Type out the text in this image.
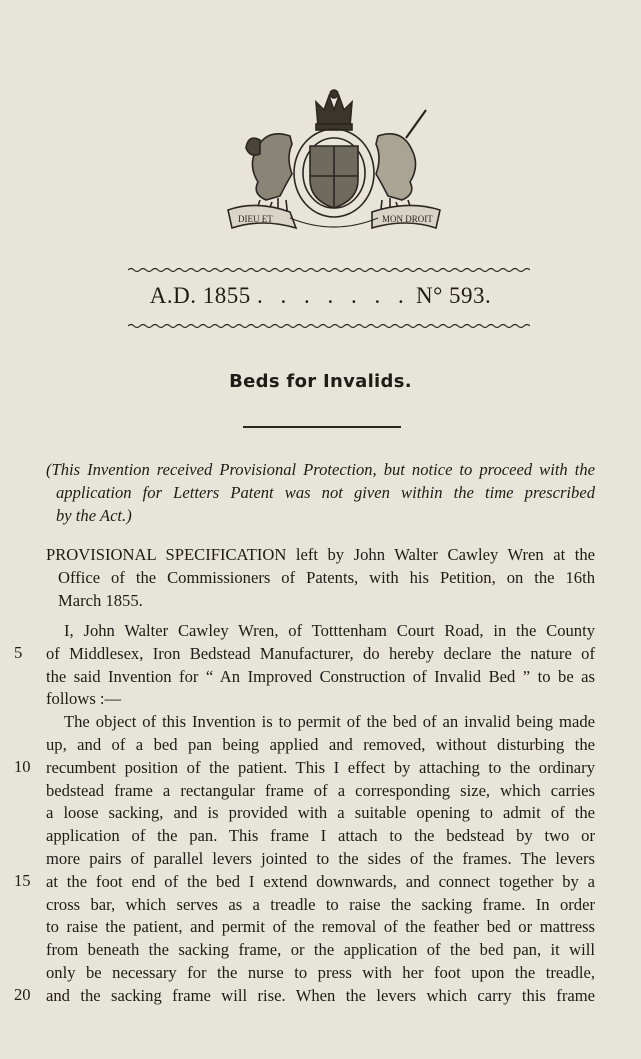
DIEU ET	MON DROIT
A.D. 1855 . . . . . . . N° 593.
Beds for Invalids.
(This Invention received Provisional Protection, but notice to proceed with the
application for Letters Patent was not given within the time prescribed
by the Act.)
PROVISIONAL SPECIFICATION left by John Walter Cawley Wren at the
Office of the Commissioners of Patents, with his Petition, on the 16th
March 1855.
I, John Walter Cawley Wren, of Totttenham Court Road, in the County
of Middlesex, Iron Bedstead Manufacturer, do hereby declare the nature of
the said Invention for “ An Improved Construction of Invalid Bed ” to be as
follows :—
The object of this Invention is to permit of the bed of an invalid being made
up, and of a bed pan being applied and removed, without disturbing the
recumbent position of the patient. This I effect by attaching to the ordinary
bedstead frame a rectangular frame of a corresponding size, which carries
a loose sacking, and is provided with a suitable opening to admit of the
application of the pan. This frame I attach to the bedstead by two or
more pairs of parallel levers jointed to the sides of the frames. The levers
at the foot end of the bed I extend downwards, and connect together by a
cross bar, which serves as a treadle to raise the sacking frame. In order
to raise the patient, and permit of the removal of the feather bed or mattress
from beneath the sacking frame, or the application of the bed pan, it will
only be necessary for the nurse to press with her foot upon the treadle,
and the sacking frame will rise. When the levers which carry this frame
5
10
15
20
